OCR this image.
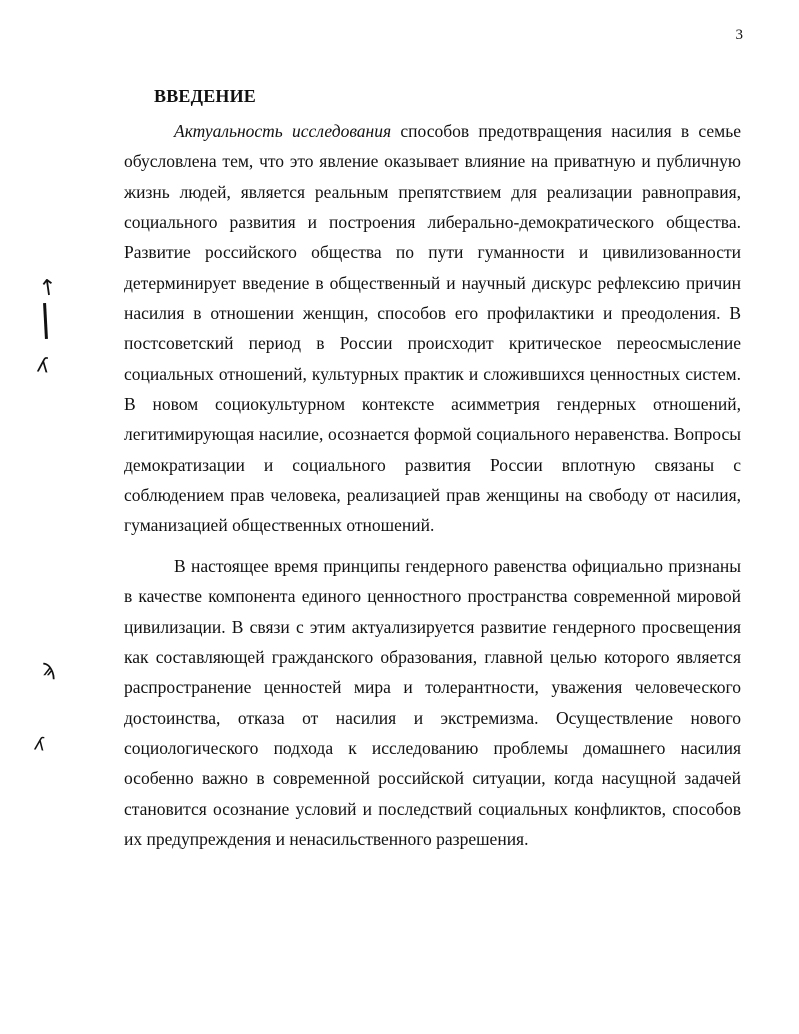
3
ВВЕДЕНИЕ

Актуальность исследования способов предотвращения насилия в семье обусловлена тем, что это явление оказывает влияние на приватную и публичную жизнь людей, является реальным препятствием для реализации равноправия, социального развития и построения либерально-демократического общества. Развитие российского общества по пути гуманности и цивилизованности детерминирует введение в общественный и научный дискурс рефлексию причин насилия в отношении женщин, способов его профилактики и преодоления. В постсоветский период в России происходит критическое переосмысление социальных отношений, культурных практик и сложившихся ценностных систем. В новом социокультурном контексте асимметрия гендерных отношений, легитимирующая насилие, осознается формой социального неравенства. Вопросы демократизации и социального развития России вплотную связаны с соблюдением прав человека, реализацией прав женщины на свободу от насилия, гуманизацией общественных отношений.

В настоящее время принципы гендерного равенства официально признаны в качестве компонента единого ценностного пространства современной мировой цивилизации. В связи с этим актуализируется развитие гендерного просвещения как составляющей гражданского образования, главной целью которого является распространение ценностей мира и толерантности, уважения человеческого достоинства, отказа от насилия и экстремизма. Осуществление нового социологического подхода к исследованию проблемы домашнего насилия особенно важно в современной российской ситуации, когда насущной задачей становится осознание условий и последствий социальных конфликтов, способов их предупреждения и ненасильственного разрешения.

↑
ʎ
ϡ
ʎ
